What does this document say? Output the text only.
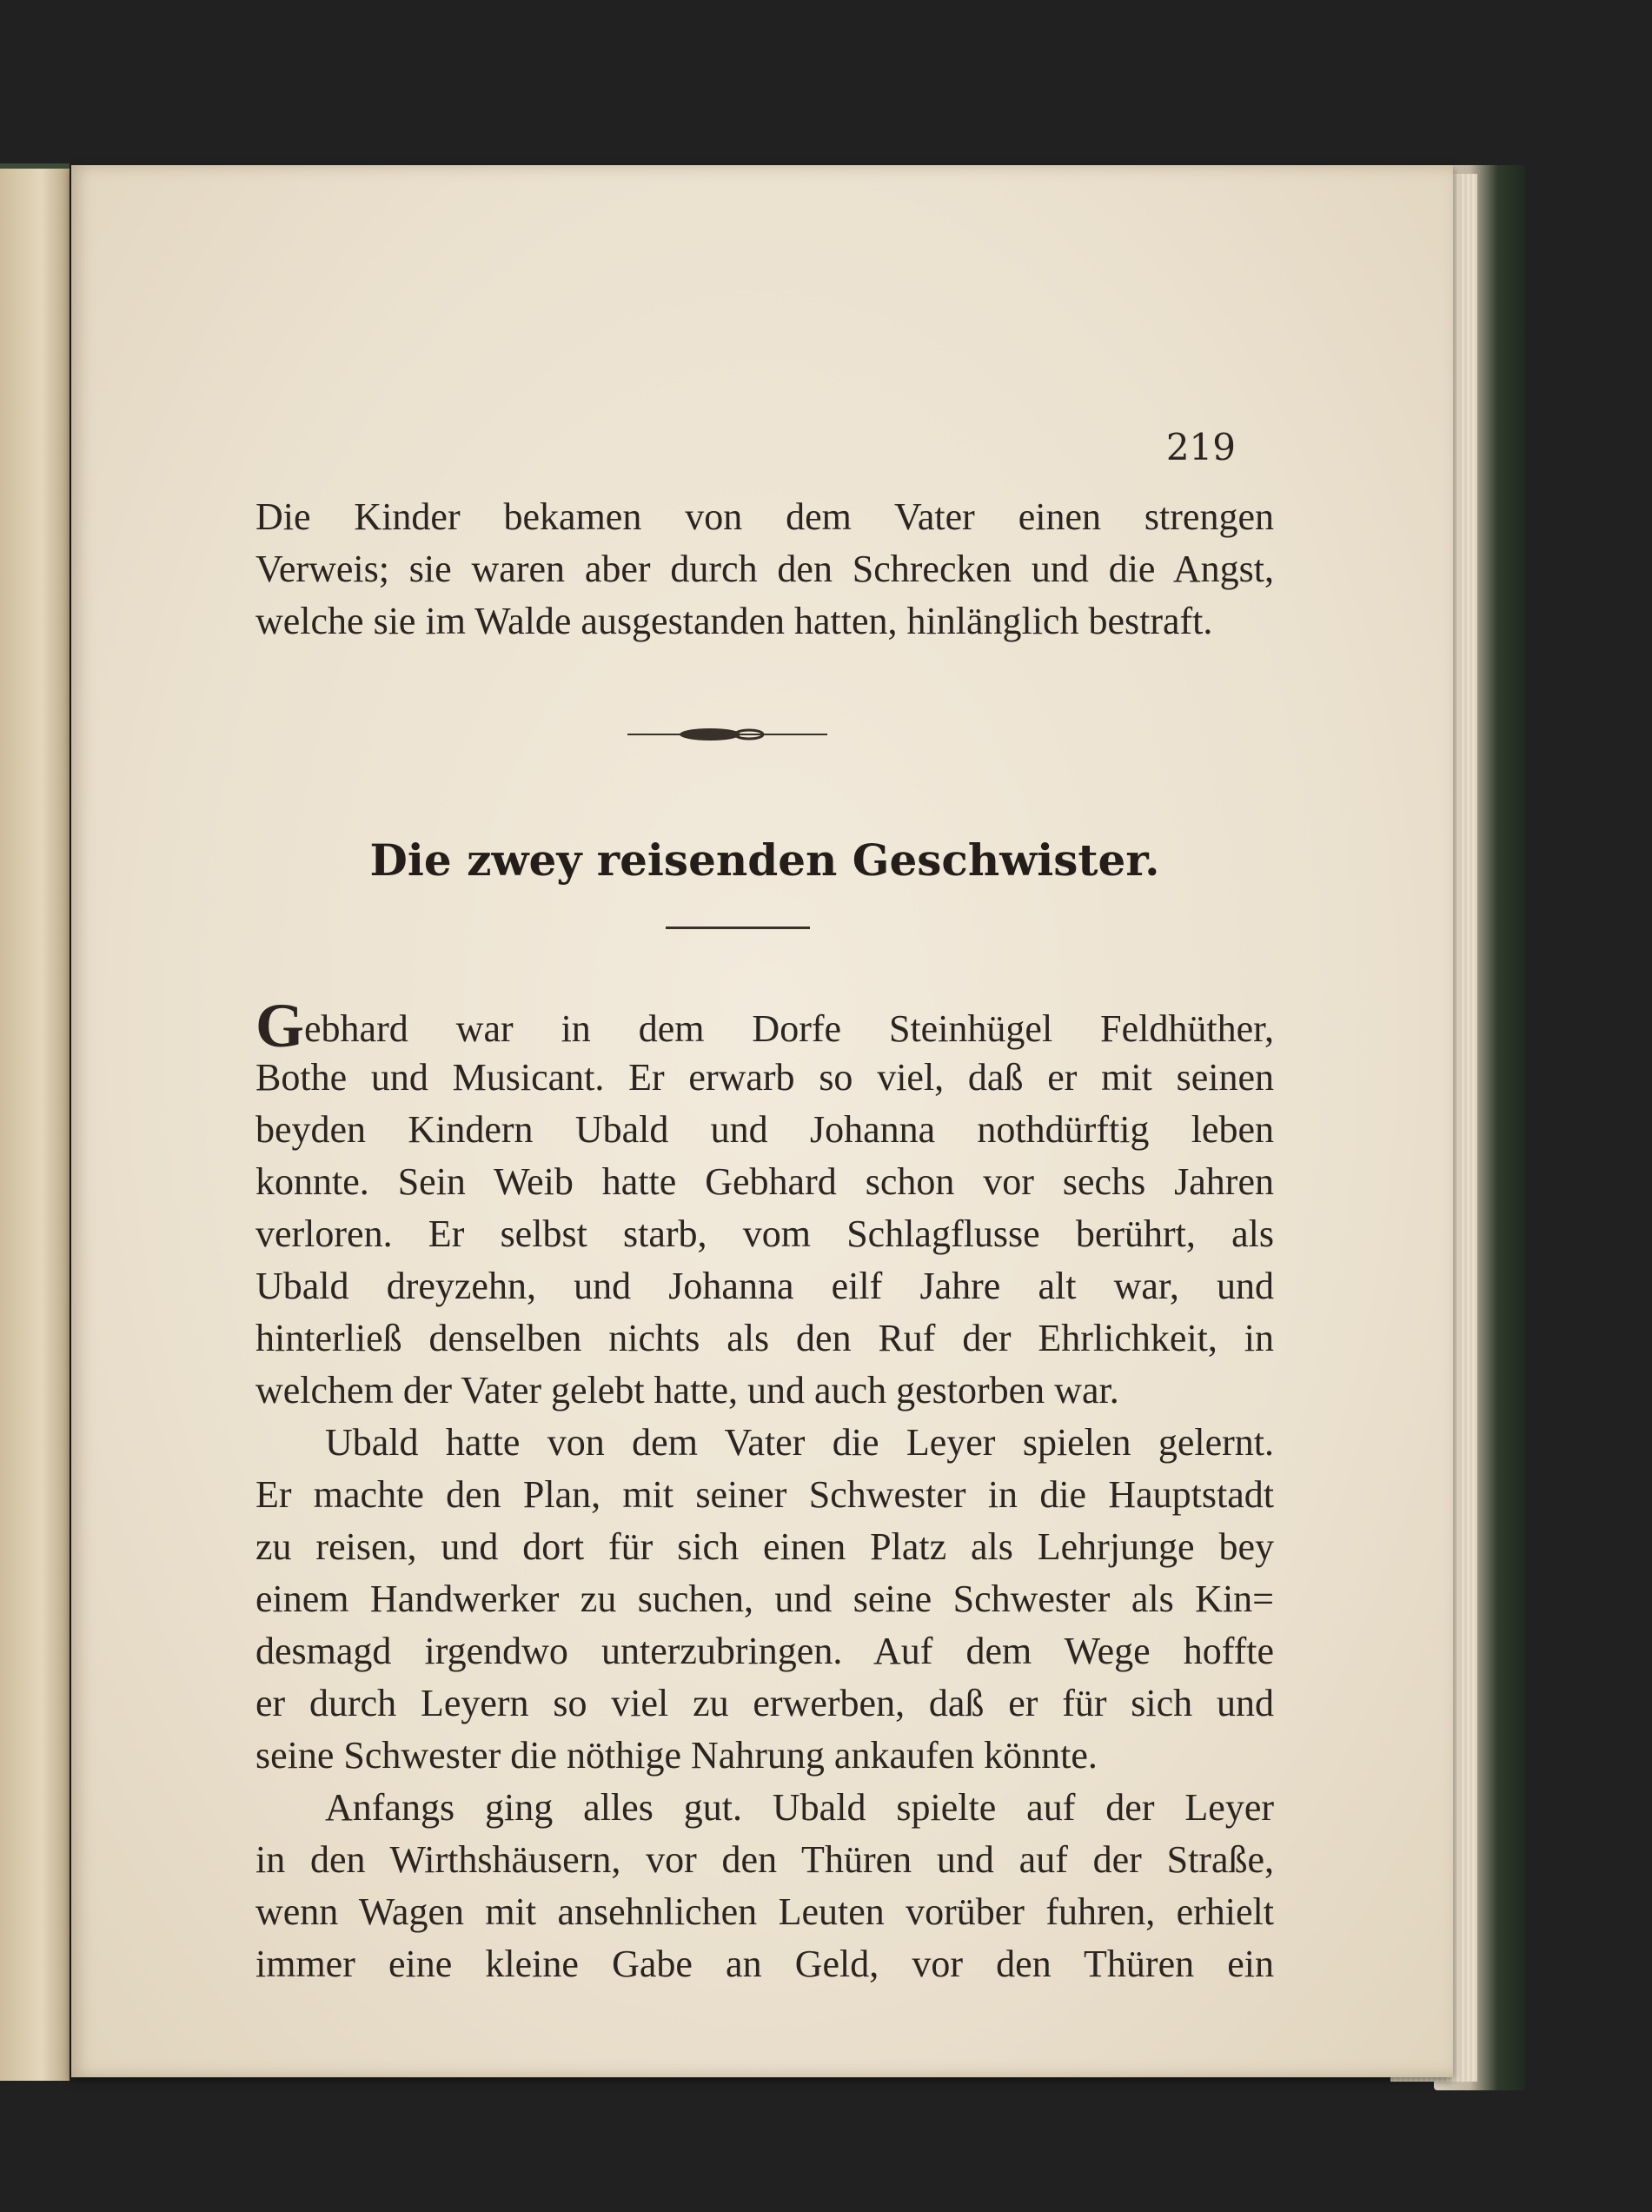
219
Die Kinder bekamen von dem Vater einen strengen
Verweis; sie waren aber durch den Schrecken und die Angst,
welche sie im Walde ausgestanden hatten, hinlänglich bestraft.
Die zwey reisenden Geschwister.
Gebhard war in dem Dorfe Steinhügel Feldhüther,
Bothe und Musicant. Er erwarb so viel, daß er mit seinen
beyden Kindern Ubald und Johanna nothdürftig leben
konnte. Sein Weib hatte Gebhard schon vor sechs Jahren
verloren. Er selbst starb, vom Schlagflusse berührt, als
Ubald dreyzehn, und Johanna eilf Jahre alt war, und
hinterließ denselben nichts als den Ruf der Ehrlichkeit, in
welchem der Vater gelebt hatte, und auch gestorben war.
Ubald hatte von dem Vater die Leyer spielen gelernt.
Er machte den Plan, mit seiner Schwester in die Hauptstadt
zu reisen, und dort für sich einen Platz als Lehrjunge bey
einem Handwerker zu suchen, und seine Schwester als Kin=
desmagd irgendwo unterzubringen. Auf dem Wege hoffte
er durch Leyern so viel zu erwerben, daß er für sich und
seine Schwester die nöthige Nahrung ankaufen könnte.
Anfangs ging alles gut. Ubald spielte auf der Leyer
in den Wirthshäusern, vor den Thüren und auf der Straße,
wenn Wagen mit ansehnlichen Leuten vorüber fuhren, erhielt
immer eine kleine Gabe an Geld, vor den Thüren ein
